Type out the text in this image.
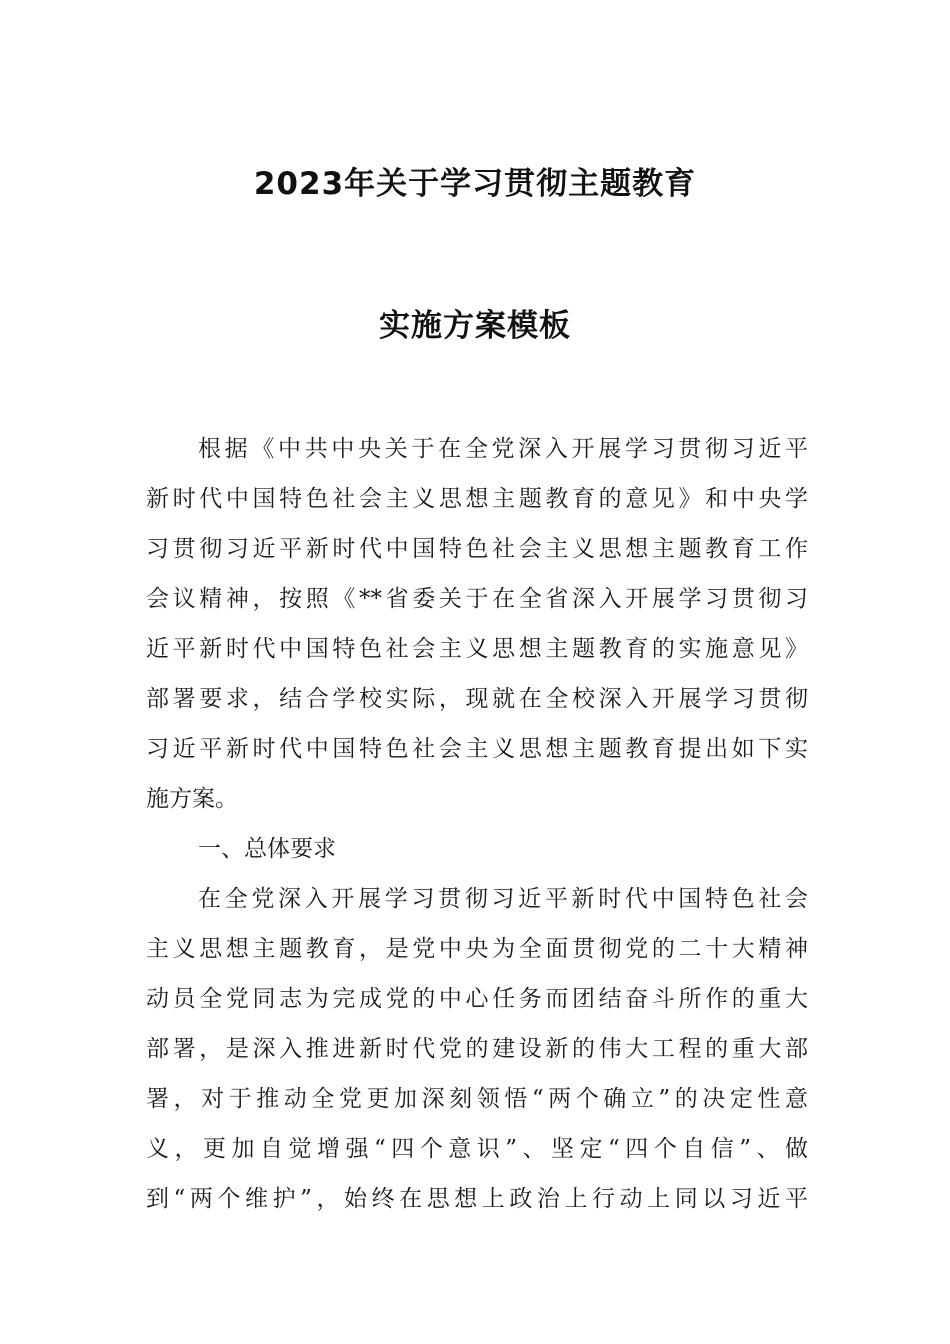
2023年关于学习贯彻主题教育
实施方案模板
根据《中共中央关于在全党深入开展学习贯彻习近平
新时代中国特色社会主义思想主题教育的意见》和中央学
习贯彻习近平新时代中国特色社会主义思想主题教育工作
会议精神，按照《**省委关于在全省深入开展学习贯彻习
近平新时代中国特色社会主义思想主题教育的实施意见》
部署要求，结合学校实际，现就在全校深入开展学习贯彻
习近平新时代中国特色社会主义思想主题教育提出如下实
施方案。
一、总体要求
在全党深入开展学习贯彻习近平新时代中国特色社会
主义思想主题教育，是党中央为全面贯彻党的二十大精神
动员全党同志为完成党的中心任务而团结奋斗所作的重大
部署，是深入推进新时代党的建设新的伟大工程的重大部
署，对于推动全党更加深刻领悟“两个确立”的决定性意
义，更加自觉增强“四个意识”、坚定“四个自信”、做
到“两个维护”，始终在思想上政治上行动上同以习近平
